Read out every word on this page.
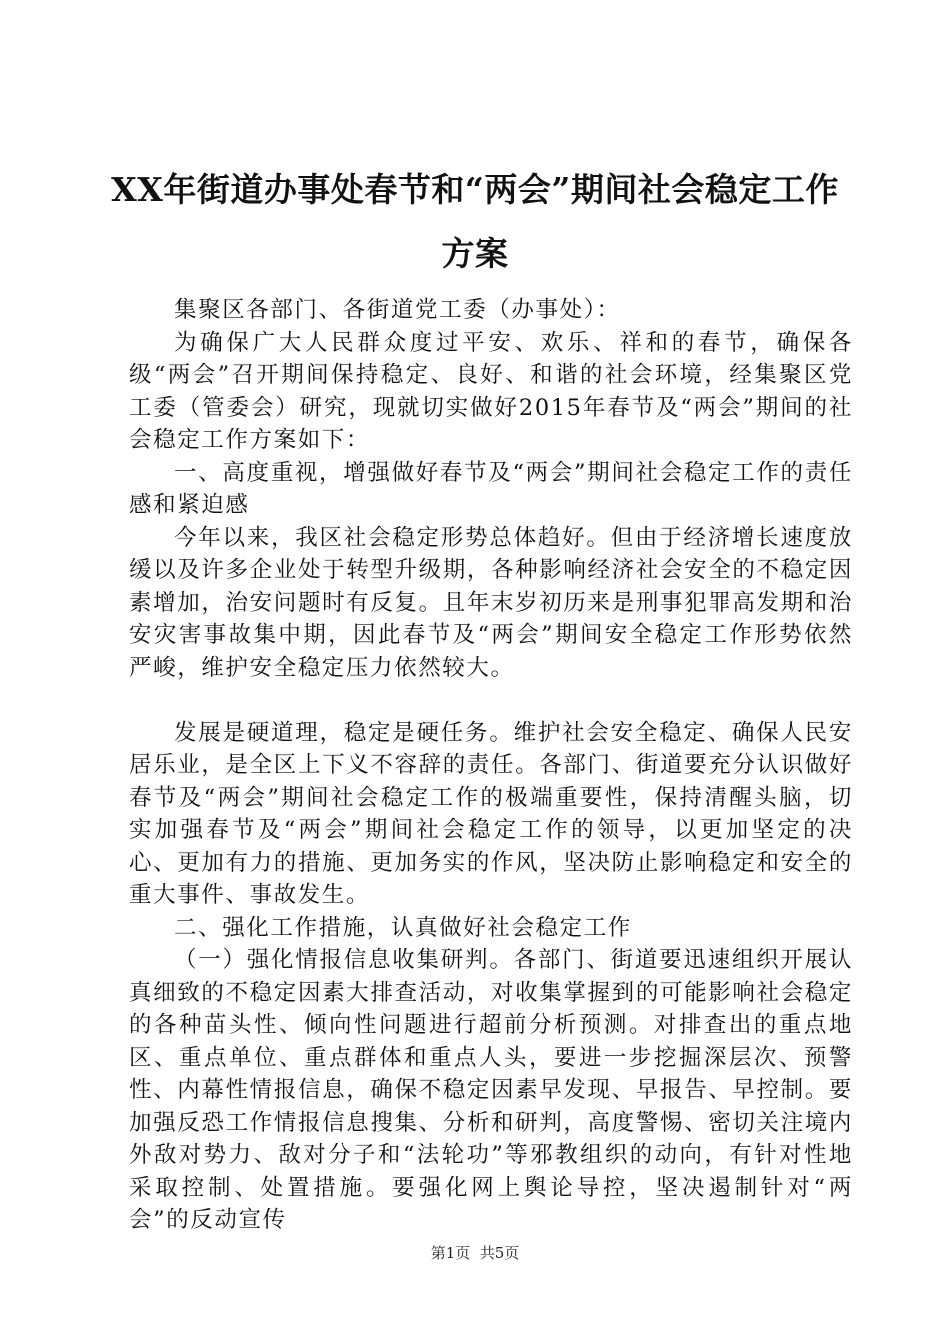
XX年街道办事处春节和“两会”期间社会稳定工作方案

集聚区各部门、各街道党工委（办事处）：

为确保广大人民群众度过平安、欢乐、祥和的春节，确保各级“两会”召开期间保持稳定、良好、和谐的社会环境，经集聚区党工委（管委会）研究，现就切实做好2015年春节及“两会”期间的社会稳定工作方案如下：

一、高度重视，增强做好春节及“两会”期间社会稳定工作的责任感和紧迫感

今年以来，我区社会稳定形势总体趋好。但由于经济增长速度放缓以及许多企业处于转型升级期，各种影响经济社会安全的不稳定因素增加，治安问题时有反复。且年末岁初历来是刑事犯罪高发期和治安灾害事故集中期，因此春节及“两会”期间安全稳定工作形势依然严峻，维护安全稳定压力依然较大。

发展是硬道理，稳定是硬任务。维护社会安全稳定、确保人民安居乐业，是全区上下义不容辞的责任。各部门、街道要充分认识做好春节及“两会”期间社会稳定工作的极端重要性，保持清醒头脑，切实加强春节及“两会”期间社会稳定工作的领导，以更加坚定的决心、更加有力的措施、更加务实的作风，坚决防止影响稳定和安全的重大事件、事故发生。

二、强化工作措施，认真做好社会稳定工作

（一）强化情报信息收集研判。各部门、街道要迅速组织开展认真细致的不稳定因素大排查活动，对收集掌握到的可能影响社会稳定的各种苗头性、倾向性问题进行超前分析预测。对排查出的重点地区、重点单位、重点群体和重点人头，要进一步挖掘深层次、预警性、内幕性情报信息，确保不稳定因素早发现、早报告、早控制。要加强反恐工作情报信息搜集、分析和研判，高度警惕、密切关注境内外敌对势力、敌对分子和“法轮功”等邪教组织的动向，有针对性地采取控制、处置措施。要强化网上舆论导控，坚决遏制针对“两会”的反动宣传

第1页  共5页
